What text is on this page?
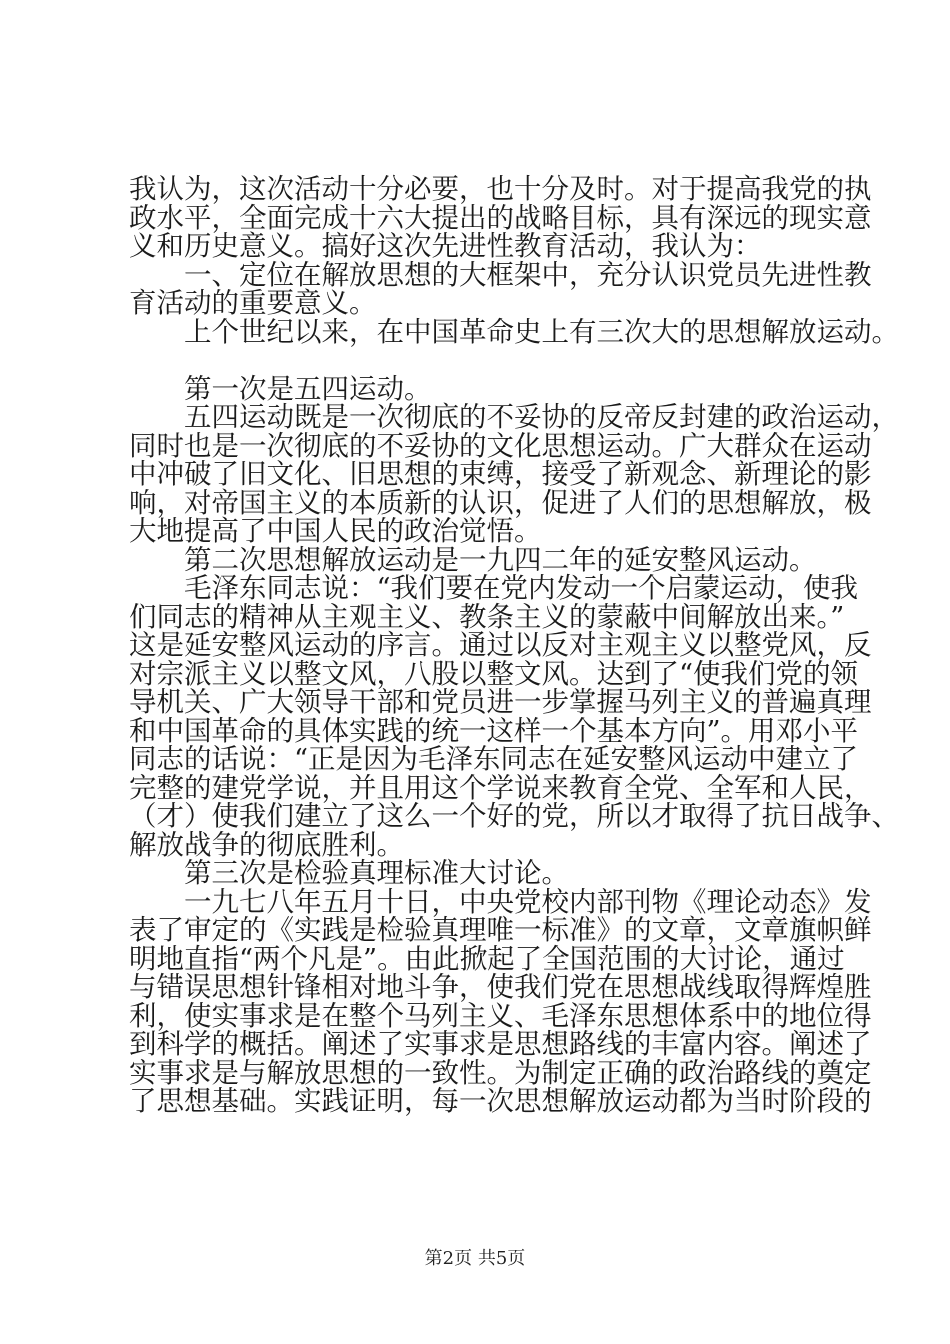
我认为，这次活动十分必要，也十分及时。对于提高我党的执
政水平，全面完成十六大提出的战略目标，具有深远的现实意
义和历史意义。搞好这次先进性教育活动，我认为：
　　一、定位在解放思想的大框架中，充分认识党员先进性教
育活动的重要意义。
　　上个世纪以来，在中国革命史上有三次大的思想解放运动。
　　第一次是五四运动。
　　五四运动既是一次彻底的不妥协的反帝反封建的政治运动，
同时也是一次彻底的不妥协的文化思想运动。广大群众在运动
中冲破了旧文化、旧思想的束缚，接受了新观念、新理论的影
响，对帝国主义的本质新的认识，促进了人们的思想解放，极
大地提高了中国人民的政治觉悟。
　　第二次思想解放运动是一九四二年的延安整风运动。
　　毛泽东同志说：“我们要在党内发动一个启蒙运动，使我
们同志的精神从主观主义、教条主义的蒙蔽中间解放出来。”
这是延安整风运动的序言。通过以反对主观主义以整党风，反
对宗派主义以整文风，八股以整文风。达到了“使我们党的领
导机关、广大领导干部和党员进一步掌握马列主义的普遍真理
和中国革命的具体实践的统一这样一个基本方向”。用邓小平
同志的话说：“正是因为毛泽东同志在延安整风运动中建立了
完整的建党学说，并且用这个学说来教育全党、全军和人民，
（才）使我们建立了这么一个好的党，所以才取得了抗日战争、
解放战争的彻底胜利。
　　第三次是检验真理标准大讨论。
　　一九七八年五月十日，中央党校内部刊物《理论动态》发
表了审定的《实践是检验真理唯一标准》的文章，文章旗帜鲜
明地直指“两个凡是”。由此掀起了全国范围的大讨论，通过
与错误思想针锋相对地斗争，使我们党在思想战线取得辉煌胜
利，使实事求是在整个马列主义、毛泽东思想体系中的地位得
到科学的概括。阐述了实事求是思想路线的丰富内容。阐述了
实事求是与解放思想的一致性。为制定正确的政治路线的奠定
了思想基础。实践证明，每一次思想解放运动都为当时阶段的
第2页 共5页
